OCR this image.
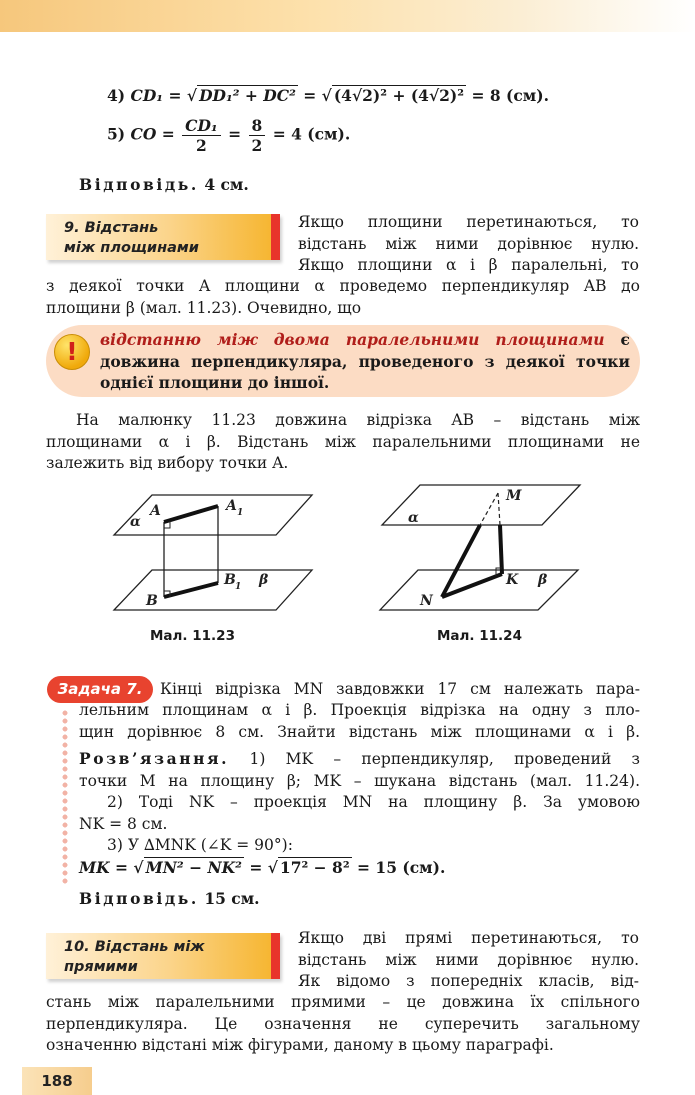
4) CD₁ = √ DD₁² + DC² = √ (4√2)² + (4√2)² = 8 (см).
5) CO = $\frac{\text{CD₁}}{2} = \frac{8}{2} = 4$ (см).
Відповідь. 4 см.
9. Відстань
між площинами
Якщо площини перетинаються, то
відстань між ними дорівнює нулю.
Якщо площини α і β паралельні, то
з деякої точки A площини α проведемо перпендикуляр AB до
площини β (мал. 11.23). Очевидно, що
!	відстанню між двома паралельними площинами є
довжина перпендикуляра, проведеного з деякої точки
однієї площини до іншої.
На малюнку 11.23 довжина відрізка AB – відстань між
площинами α і β. Відстань між паралельними площинами не
залежить від вибору точки A.
α
A	A 1
B
B 1 β
Мал. 11.23
M
α
K β
N
Мал. 11.24
Задача 7.	Кінці відрізка MN завдовжки 17 см належать пара-
лельним площинам α і β. Проекція відрізка на одну з пло-
щин дорівнює 8 см. Знайти відстань між площинами α і β.
Розв’язання. 1) MK – перпендикуляр, проведений з
точки M на площину β; MK – шукана відстань (мал. 11.24).
2) Тоді NK – проекція MN на площину β. За умовою
NK = 8 см.
3) У ∆MNK (∠K = 90°):
MK = √ MN² − NK² = √ 17² − 8² = 15 (см).
Відповідь. 15 см.
10. Відстань між
прямими
Якщо дві прямі перетинаються, то
відстань між ними дорівнює нулю.
Як відомо з попередніх класів, від-
стань між паралельними прямими – це довжина їх спільного
перпендикуляра. Це означення не суперечить загальному
означенню відстані між фігурами, даному в цьому параграфі.
188
